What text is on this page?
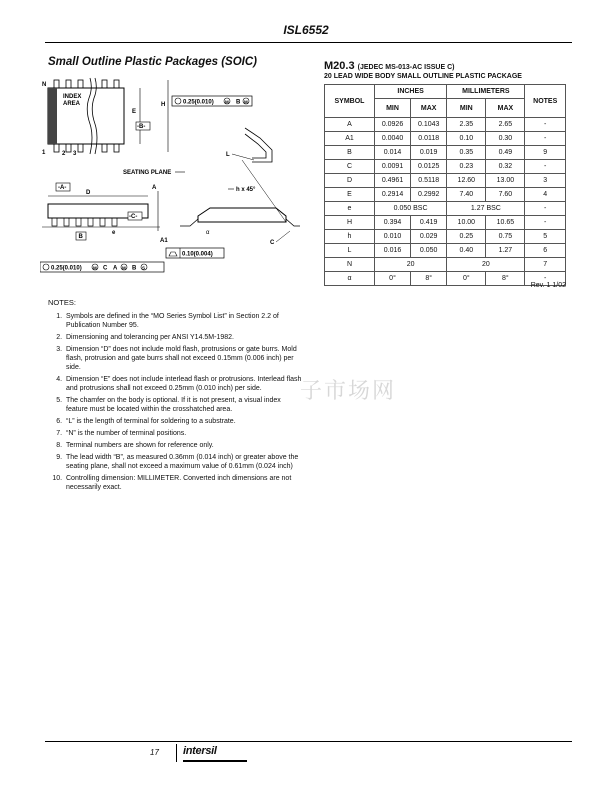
ISL6552
Small Outline Plastic Packages (SOIC)
N
INDEX
AREA
1	2 3
E
-B-
H	0.25(0.010)	M B M
L
SEATING PLANE
-A-
D
-C-
B
e
A
A1
0.10(0.004)
0.25(0.010)	M C A M B S
h x 45°
α
C
M20.3 (JEDEC MS-013-AC ISSUE C)
20 LEAD WIDE BODY SMALL OUTLINE PLASTIC PACKAGE
SYMBOL	INCHES		MILLIMETERS		NOTES
	MIN	MAX	MIN	MAX	
A	0.0926	0.1043	2.35	2.65	-
A1	0.0040	0.0118	0.10	0.30	-
B	0.014	0.019	0.35	0.49	9
C	0.0091	0.0125	0.23	0.32	-
D	0.4961	0.5118	12.60	13.00	3
E	0.2914	0.2992	7.40	7.60	4
e	0.050 BSC		1.27 BSC		-
H	0.394	0.419	10.00	10.65	-
h	0.010	0.029	0.25	0.75	5
L	0.016	0.050	0.40	1.27	6
N	20		20		7
α	0°	8°	0°	8°	-
Rev. 1 1/02
NOTES:
1. Symbols are defined in the “MO Series Symbol List” in Section 2.2 of Publication Number 95.
2. Dimensioning and tolerancing per ANSI Y14.5M-1982.
3. Dimension “D” does not include mold flash, protrusions or gate burrs. Mold flash, protrusion and gate burrs shall not exceed 0.15mm (0.006 inch) per side.
4. Dimension “E” does not include interlead flash or protrusions. Interlead flash and protrusions shall not exceed 0.25mm (0.010 inch) per side.
5. The chamfer on the body is optional. If it is not present, a visual index feature must be located within the crosshatched area.
6. “L” is the length of terminal for soldering to a substrate.
7. “N” is the number of terminal positions.
8. Terminal numbers are shown for reference only.
9. The lead width “B”, as measured 0.36mm (0.014 inch) or greater above the seating plane, shall not exceed a maximum value of 0.61mm (0.024 inch)
10. Controlling dimension: MILLIMETER. Converted inch dimensions are not necessarily exact.
子市场网
17 intersil
